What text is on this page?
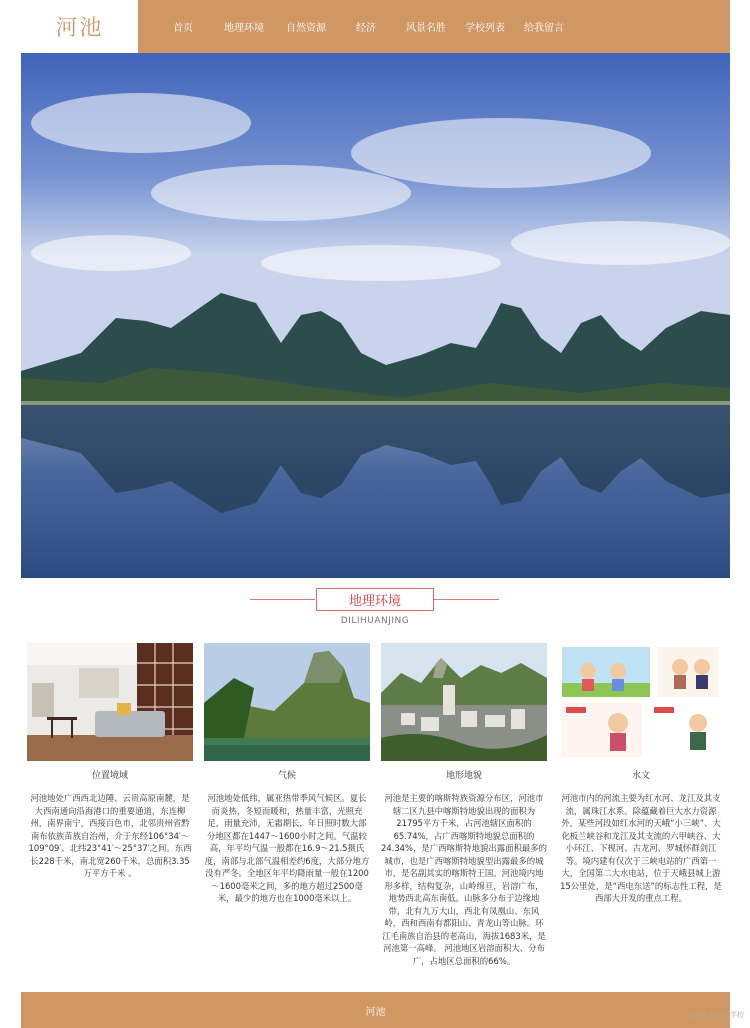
河池	首页	地理环境 自然资源	经济	风景名胜 学校列表 给我留言
地理环境
DILIHUANJING
位置境域
河池地处广西西北边陲、云贵高原南麓，是大西南通向沿海港口的重要通道，东连柳州，南界南宁，西接百色市，北邻贵州省黔南布依族苗族自治州，介于东经106°34′～109°09′、北纬23°41′～25°37′之间。东西长228千米，南北宽260千米，总面积3.35万平方千米 。
气候
河池地处低纬，属亚热带季风气候区。夏长而炎热，冬短而暖和，热量丰富，光照充足，雨量充沛，无霜期长，年日照时数大部分地区都在1447～1600小时之间。气温较高，年平均气温一般都在16.9～21.5摄氏度，南部与北部气温相差约6度，大部分地方没有严冬。全地区年平均降雨量一般在1200～1600毫米之间，多的地方超过2500毫米，最少的地方也在1000毫米以上。
地形地貌
河池是主要的喀斯特族资源分布区，河池市辖二区九县中喀斯特地貌出现的面积为21795平方千米，占河池辖区面积的65.74%，占广西喀斯特地貌总面积的24.34%，是广西喀斯特地貌出露面积最多的城市，也是广西喀斯特地貌型出露最多的城市，是名副其实的喀斯特王国。河池境内地形多样，结构复杂，山岭绵亘，岩溶广布，地势西北高东南低。山脉多分布于边缘地带，北有九万大山，西北有凤凰山、东风岭，西和西南有都阳山、青龙山等山脉。环江毛南族自治县的老高山，海拔1683米，是河池第一高峰。 河池地区岩溶面积大、分布广，占地区总面积的66%。
水文
河池市内的河流主要为红水河、龙江及其支流，属珠江水系。除蕴藏着巨大水力资源外，某些河段如红水河的天峨“小三峡”、大化板兰峡谷和龙江及其支流的六甲峡谷、大小环江、下枧河、古龙河、罗城怀群剑江等。境内建有仅次于三峡电站的广西第一大，全国第二大水电站，位于天峨县城上游15公里处，是“西电东送”的标志性工程，是西部大开发的重点工程。
河池	CSDN @河池学校
